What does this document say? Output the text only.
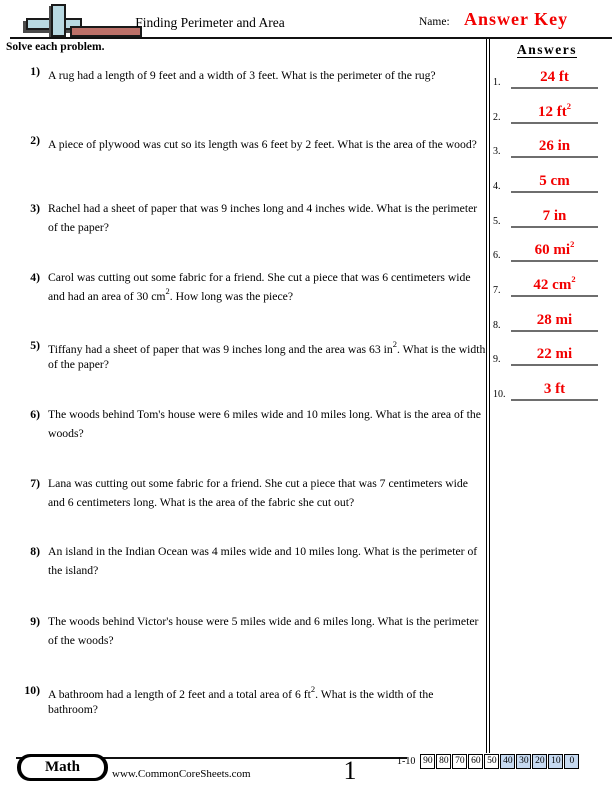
Finding Perimeter and Area	Name: Answer Key
Solve each problem.
1) A rug had a length of 9 feet and a width of 3 feet. What is the perimeter of the rug?
2) A piece of plywood was cut so its length was 6 feet by 2 feet. What is the area of the wood?
3) Rachel had a sheet of paper that was 9 inches long and 4 inches wide. What is the perimeter of the paper?
4) Carol was cutting out some fabric for a friend. She cut a piece that was 6 centimeters wide and had an area of 30 $cm^2$. How long was the piece?
5) Tiffany had a sheet of paper that was 9 inches long and the area was 63 $in^2$. What is the width of the paper?
6) The woods behind Tom's house were 6 miles wide and 10 miles long. What is the area of the woods?
7) Lana was cutting out some fabric for a friend. She cut a piece that was 7 centimeters wide and 6 centimeters long. What is the area of the fabric she cut out?
8) An island in the Indian Ocean was 4 miles wide and 10 miles long. What is the perimeter of the island?
9) The woods behind Victor's house were 5 miles wide and 6 miles long. What is the perimeter of the woods?
10) A bathroom had a length of 2 feet and a total area of 6 $ft^2$. What is the width of the bathroom?
Answers
1.	24 ft
2.	12 $ft^2$
3.	26 in
4.	5 cm
5.	7 in
6.	60 $mi^2$
7.	42 $cm^2$
8.	28 mi
9.	22 mi
10.	3 ft
Math	www.CommonCoreSheets.com	1	1-10 90 80 70 60 50 40 30 20 10 0
